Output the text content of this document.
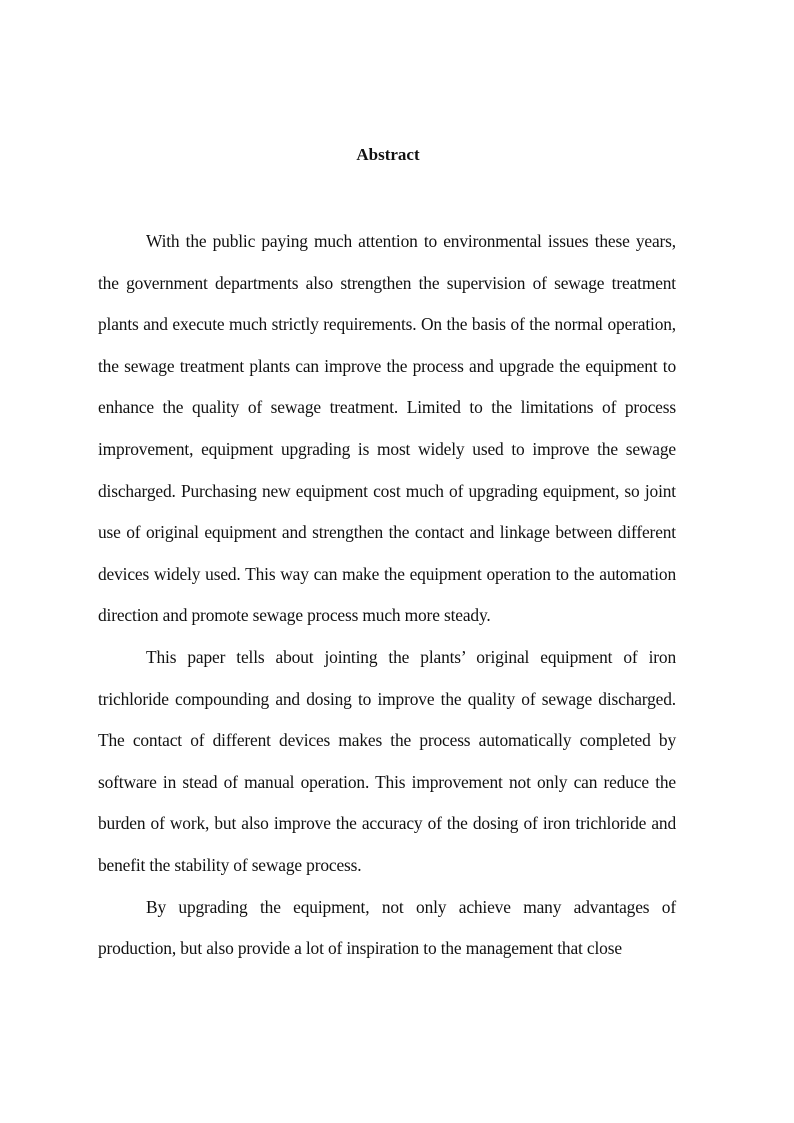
Abstract

With the public paying much attention to environmental issues these years, the government departments also strengthen the supervision of sewage treatment plants and execute much strictly requirements. On the basis of the normal operation, the sewage treatment plants can improve the process and upgrade the equipment to enhance the quality of sewage treatment. Limited to the limitations of process improvement, equipment upgrading is most widely used to improve the sewage discharged. Purchasing new equipment cost much of upgrading equipment, so joint use of original equipment and strengthen the contact and linkage between different devices widely used. This way can make the equipment operation to the automation direction and promote sewage process much more steady.

This paper tells about jointing the plants’ original equipment of iron trichloride compounding and dosing to improve the quality of sewage discharged. The contact of different devices makes the process automatically completed by software in stead of manual operation. This improvement not only can reduce the burden of work, but also improve the accuracy of the dosing of iron trichloride and benefit the stability of sewage process.

By upgrading the equipment, not only achieve many advantages of production, but also provide a lot of inspiration to the management that close
